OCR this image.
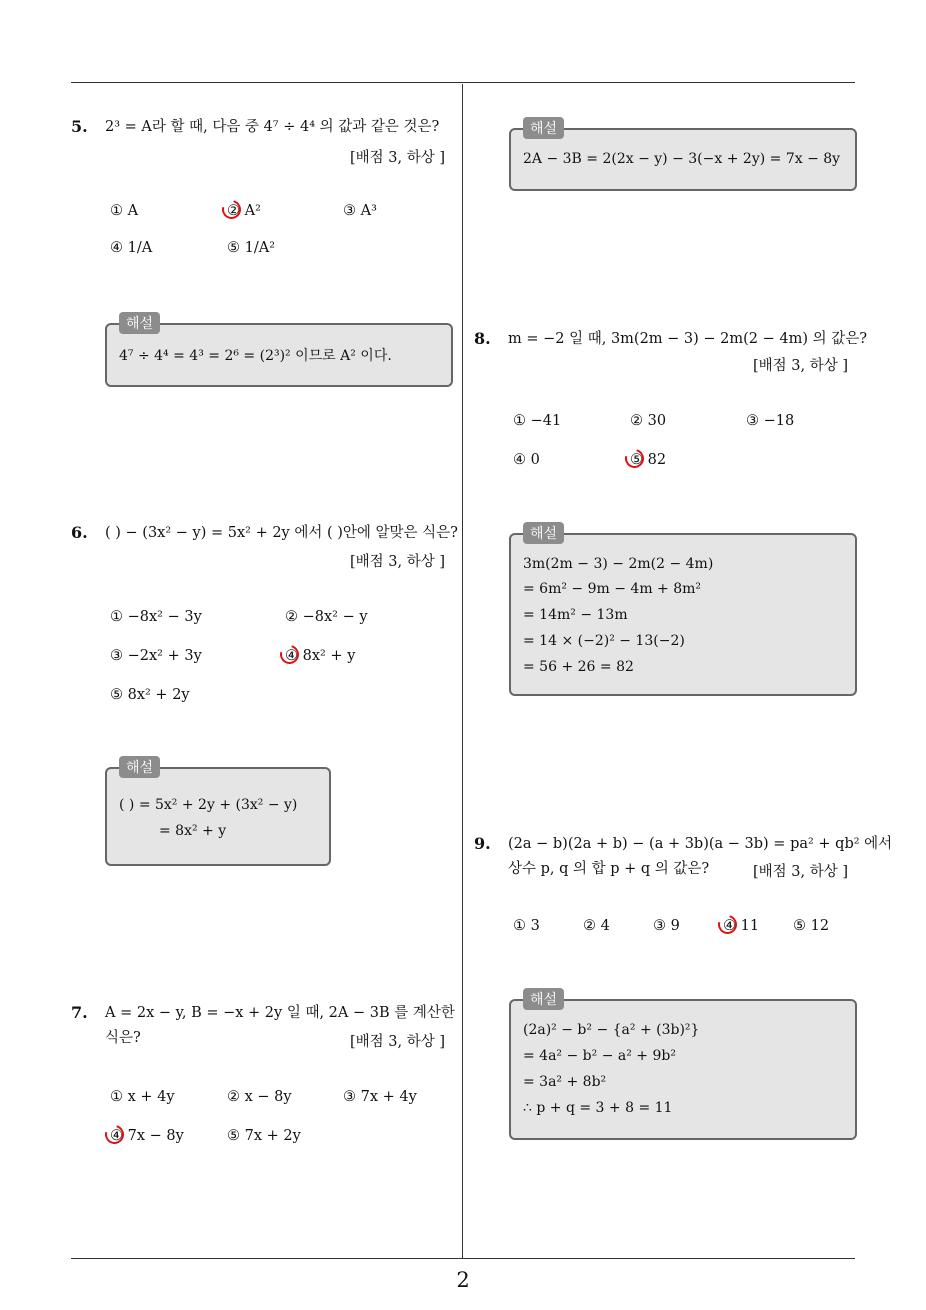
5. 2³ = A라 할 때, 다음 중 4⁷ ÷ 4⁴ 의 값과 같은 것은?
[배점 3, 하상 ]
① A	② A²	③ A³
④ 1/A	⑤ 1/A²
해설
4⁷ ÷ 4⁴ = 4³ = 2⁶ = (2³)² 이므로 A² 이다.
6. ( ) − (3x² − y) = 5x² + 2y 에서 ( )안에 알맞은 식은?
[배점 3, 하상 ]
① −8x² − 3y	② −8x² − y
③ −2x² + 3y	④ 8x² + y
⑤ 8x² + 2y
해설
( ) = 5x² + 2y + (3x² − y)
= 8x² + y
7. A = 2x − y, B = −x + 2y 일 때, 2A − 3B 를 계산한
식은?	[배점 3, 하상 ]
① x + 4y	② x − 8y	③ 7x + 4y
④ 7x − 8y	⑤ 7x + 2y
해설
2A − 3B = 2(2x − y) − 3(−x + 2y) = 7x − 8y
8. m = −2 일 때, 3m(2m − 3) − 2m(2 − 4m) 의 값은?
[배점 3, 하상 ]
① −41	② 30	③ −18
④ 0	⑤ 82
해설
3m(2m − 3) − 2m(2 − 4m)
= 6m² − 9m − 4m + 8m²
= 14m² − 13m
= 14 × (−2)² − 13(−2)
= 56 + 26 = 82
9. (2a − b)(2a + b) − (a + 3b)(a − 3b) = pa² + qb² 에서
상수 p, q 의 합 p + q 의 값은?	[배점 3, 하상 ]
① 3	② 4	③ 9	④ 11 ⑤ 12
해설
(2a)² − b² − {a² + (3b)²}
= 4a² − b² − a² + 9b²
= 3a² + 8b²
∴ p + q = 3 + 8 = 11
2
